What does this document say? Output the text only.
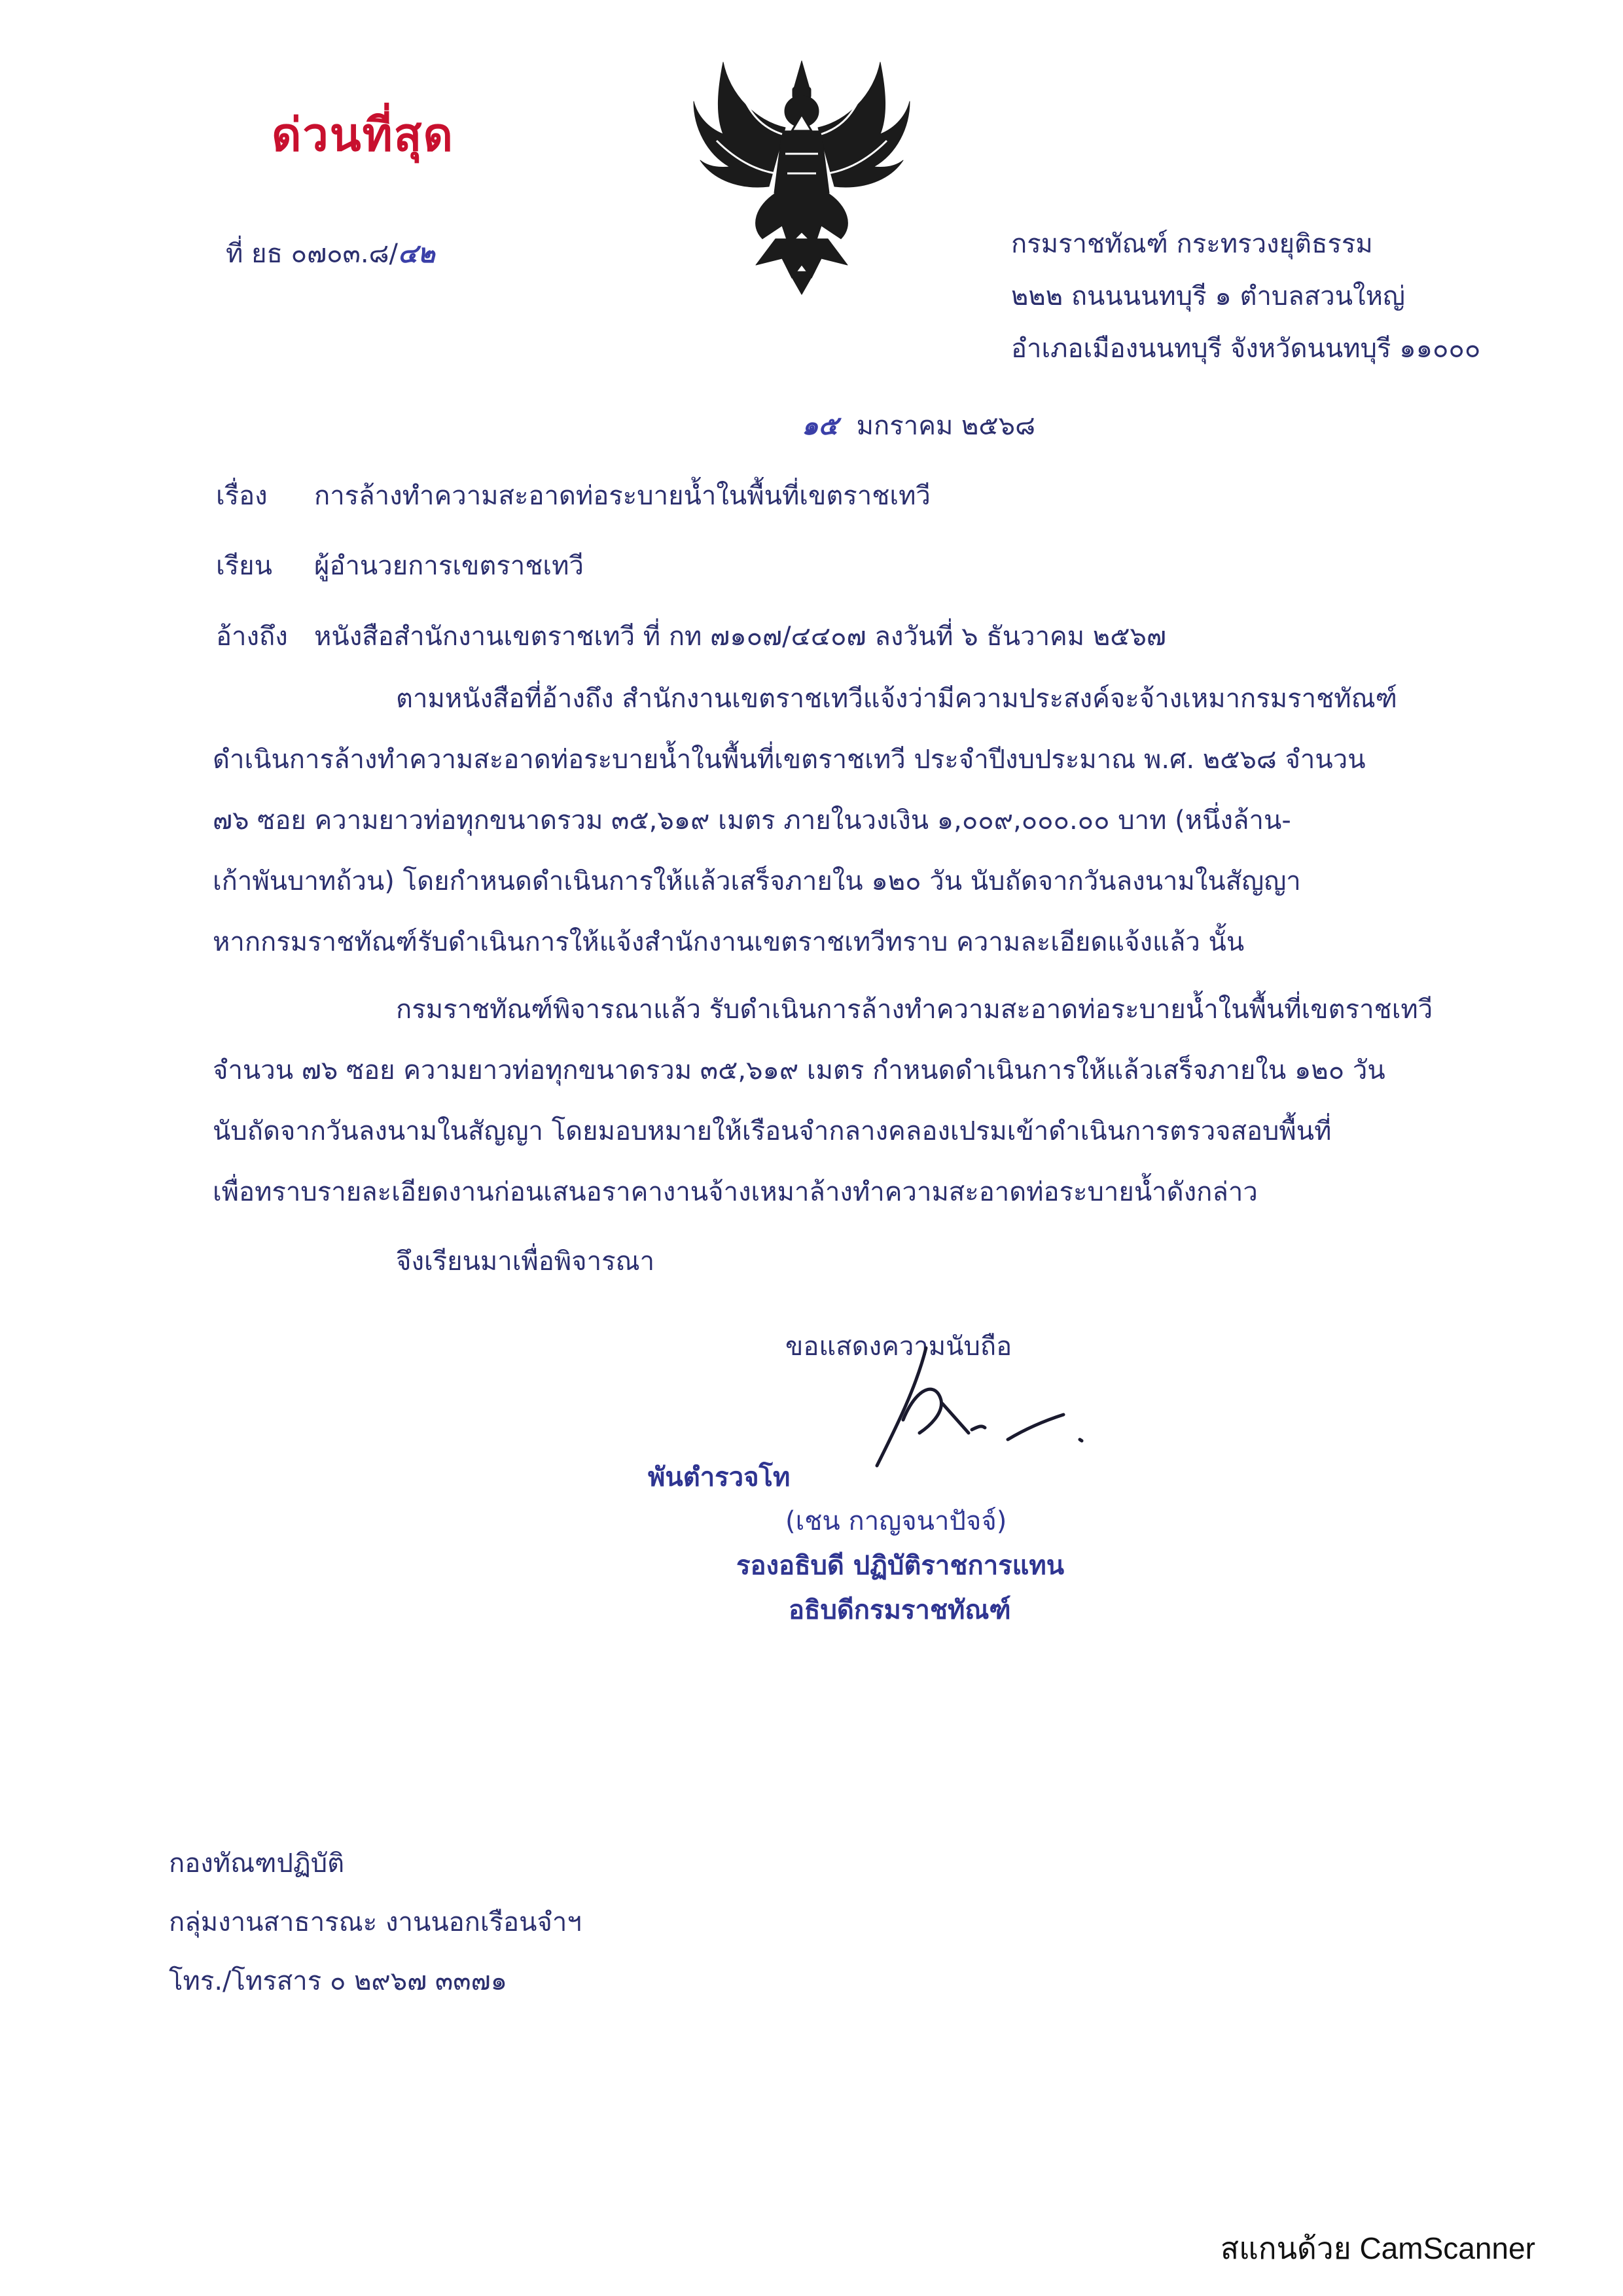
ด่วนที่สุด
ที่ ยธ ๐๗๐๓.๘/๔๒	กรมราชทัณฑ์ กระทรวงยุติธรรม
๒๒๒ ถนนนนทบุรี ๑ ตำบลสวนใหญ่
อำเภอเมืองนนทบุรี จังหวัดนนทบุรี ๑๑๐๐๐
๑๕ มกราคม ๒๕๖๘
เรื่อง การล้างทำความสะอาดท่อระบายน้ำในพื้นที่เขตราชเทวี
เรียน ผู้อำนวยการเขตราชเทวี
อ้างถึง หนังสือสำนักงานเขตราชเทวี ที่ กท ๗๑๐๗/๔๔๐๗ ลงวันที่ ๖ ธันวาคม ๒๕๖๗
ตามหนังสือที่อ้างถึง สำนักงานเขตราชเทวีแจ้งว่ามีความประสงค์จะจ้างเหมากรมราชทัณฑ์
ดำเนินการล้างทำความสะอาดท่อระบายน้ำในพื้นที่เขตราชเทวี ประจำปีงบประมาณ พ.ศ. ๒๕๖๘ จำนวน
๗๖ ซอย ความยาวท่อทุกขนาดรวม ๓๕,๖๑๙ เมตร ภายในวงเงิน ๑,๐๐๙,๐๐๐.๐๐ บาท (หนึ่งล้าน-
เก้าพันบาทถ้วน) โดยกำหนดดำเนินการให้แล้วเสร็จภายใน ๑๒๐ วัน นับถัดจากวันลงนามในสัญญา
หากกรมราชทัณฑ์รับดำเนินการให้แจ้งสำนักงานเขตราชเทวีทราบ ความละเอียดแจ้งแล้ว นั้น
กรมราชทัณฑ์พิจารณาแล้ว รับดำเนินการล้างทำความสะอาดท่อระบายน้ำในพื้นที่เขตราชเทวี
จำนวน ๗๖ ซอย ความยาวท่อทุกขนาดรวม ๓๕,๖๑๙ เมตร กำหนดดำเนินการให้แล้วเสร็จภายใน ๑๒๐ วัน
นับถัดจากวันลงนามในสัญญา โดยมอบหมายให้เรือนจำกลางคลองเปรมเข้าดำเนินการตรวจสอบพื้นที่
เพื่อทราบรายละเอียดงานก่อนเสนอราคางานจ้างเหมาล้างทำความสะอาดท่อระบายน้ำดังกล่าว
จึงเรียนมาเพื่อพิจารณา
ขอแสดงความนับถือ
พันตำรวจโท
(เชน กาญจนาปัจจ์)
รองอธิบดี ปฏิบัติราชการแทน
อธิบดีกรมราชทัณฑ์
กองทัณฑปฏิบัติ
กลุ่มงานสาธารณะ งานนอกเรือนจำฯ
โทร./โทรสาร ๐ ๒๙๖๗ ๓๓๗๑
สแกนด้วย CamScanner
